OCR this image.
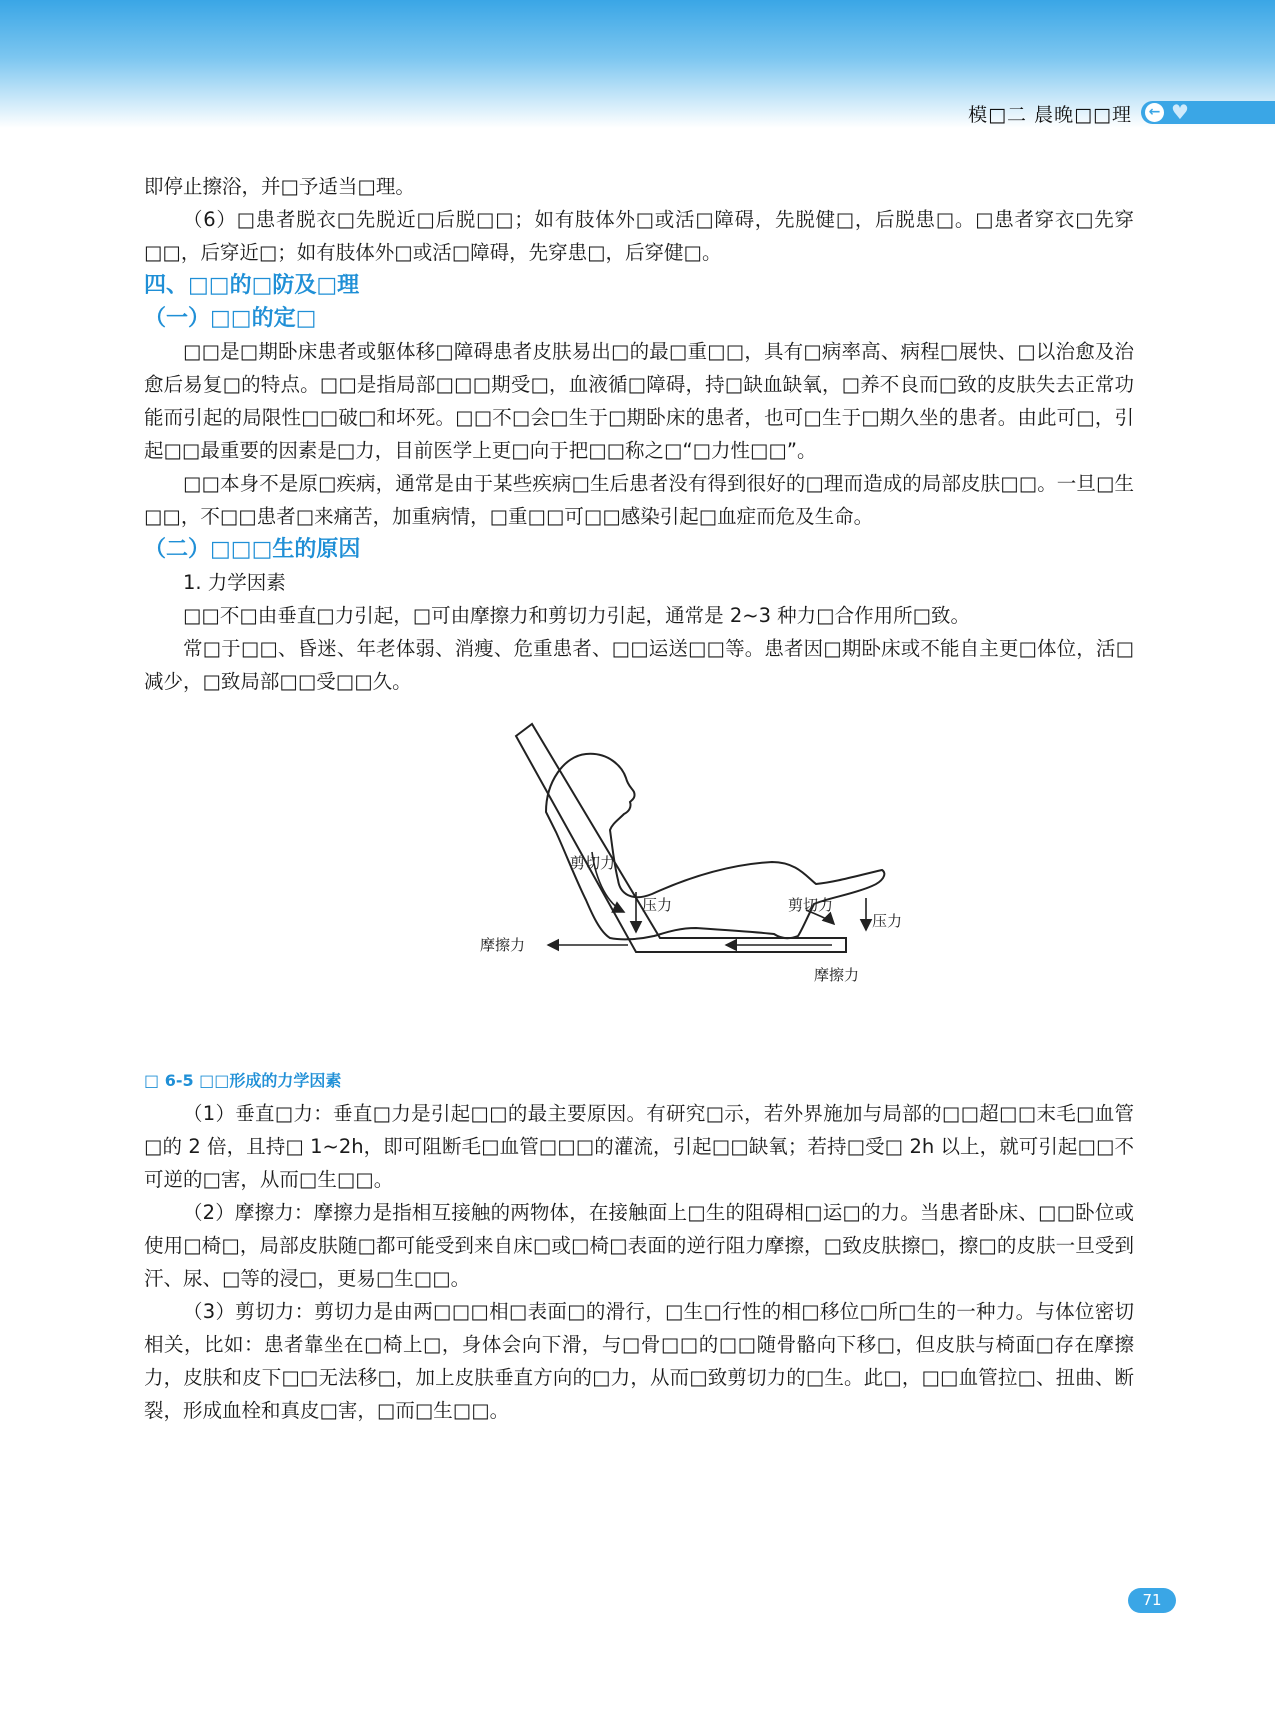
模□二 晨晚□□理 ← ♥

即停止擦浴，并□予适当□理。

（6）□患者脱衣□先脱近□后脱□□；如有肢体外□或活□障碍，先脱健□，后脱患□。□患者穿衣□先穿□□，后穿近□；如有肢体外□或活□障碍，先穿患□，后穿健□。

四、□□的□防及□理

（一）□□的定□

□□是□期卧床患者或躯体移□障碍患者皮肤易出□的最□重□□，具有□病率高、病程□展快、□以治愈及治愈后易复□的特点。□□是指局部□□□期受□，血液循□障碍，持□缺血缺氧，□养不良而□致的皮肤失去正常功能而引起的局限性□□破□和坏死。□□不□会□生于□期卧床的患者，也可□生于□期久坐的患者。由此可□，引起□□最重要的因素是□力，目前医学上更□向于把□□称之□“□力性□□”。

□□本身不是原□疾病，通常是由于某些疾病□生后患者没有得到很好的□理而造成的局部皮肤□□。一旦□生□□，不□□患者□来痛苦，加重病情，□重□□可□□感染引起□血症而危及生命。

（二）□□□生的原因

1. 力学因素

□□不□由垂直□力引起，□可由摩擦力和剪切力引起，通常是 2~3 种力□合作用所□致。

常□于□□、昏迷、年老体弱、消瘦、危重患者、□□运送□□等。患者因□期卧床或不能自主更□体位，活□减少，□致局部□□受□□久。

剪切力
压力	剪切力
压力
摩擦力
摩擦力

□ 6-5 □□形成的力学因素

（1）垂直□力：垂直□力是引起□□的最主要原因。有研究□示，若外界施加与局部的□□超□□末毛□血管□的 2 倍，且持□ 1~2h，即可阻断毛□血管□□□的灌流，引起□□缺氧；若持□受□ 2h 以上，就可引起□□不可逆的□害，从而□生□□。

（2）摩擦力：摩擦力是指相互接触的两物体，在接触面上□生的阻碍相□运□的力。当患者卧床、□□卧位或使用□椅□，局部皮肤随□都可能受到来自床□或□椅□表面的逆行阻力摩擦，□致皮肤擦□，擦□的皮肤一旦受到汗、尿、□等的浸□，更易□生□□。

（3）剪切力：剪切力是由两□□□相□表面□的滑行，□生□行性的相□移位□所□生的一种力。与体位密切相关，比如：患者靠坐在□椅上□，身体会向下滑，与□骨□□的□□随骨骼向下移□，但皮肤与椅面□存在摩擦力，皮肤和皮下□□无法移□，加上皮肤垂直方向的□力，从而□致剪切力的□生。此□，□□血管拉□、扭曲、断裂，形成血栓和真皮□害，□而□生□□。

71
